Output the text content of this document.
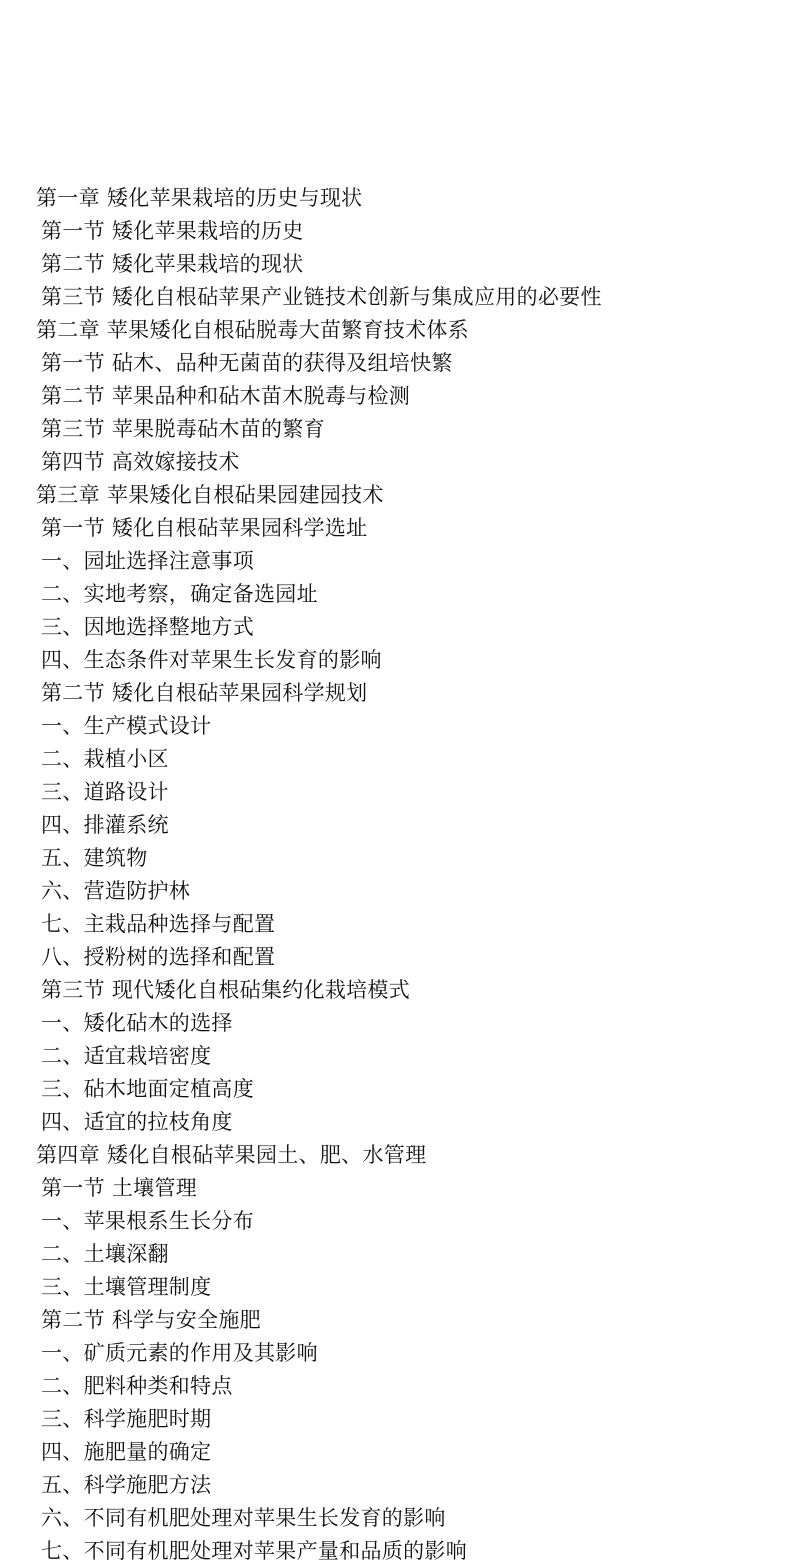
第一章 矮化苹果栽培的历史与现状
第一节 矮化苹果栽培的历史
第二节 矮化苹果栽培的现状
第三节 矮化自根砧苹果产业链技术创新与集成应用的必要性
第二章 苹果矮化自根砧脱毒大苗繁育技术体系
第一节 砧木、品种无菌苗的获得及组培快繁
第二节 苹果品种和砧木苗木脱毒与检测
第三节 苹果脱毒砧木苗的繁育
第四节 高效嫁接技术
第三章 苹果矮化自根砧果园建园技术
第一节 矮化自根砧苹果园科学选址
一、园址选择注意事项
二、实地考察，确定备选园址
三、因地选择整地方式
四、生态条件对苹果生长发育的影响
第二节 矮化自根砧苹果园科学规划
一、生产模式设计
二、栽植小区
三、道路设计
四、排灌系统
五、建筑物
六、营造防护林
七、主栽品种选择与配置
八、授粉树的选择和配置
第三节 现代矮化自根砧集约化栽培模式
一、矮化砧木的选择
二、适宜栽培密度
三、砧木地面定植高度
四、适宜的拉枝角度
第四章 矮化自根砧苹果园土、肥、水管理
第一节 土壤管理
一、苹果根系生长分布
二、土壤深翻
三、土壤管理制度
第二节 科学与安全施肥
一、矿质元素的作用及其影响
二、肥料种类和特点
三、科学施肥时期
四、施肥量的确定
五、科学施肥方法
六、不同有机肥处理对苹果生长发育的影响
七、不同有机肥处理对苹果产量和品质的影响
